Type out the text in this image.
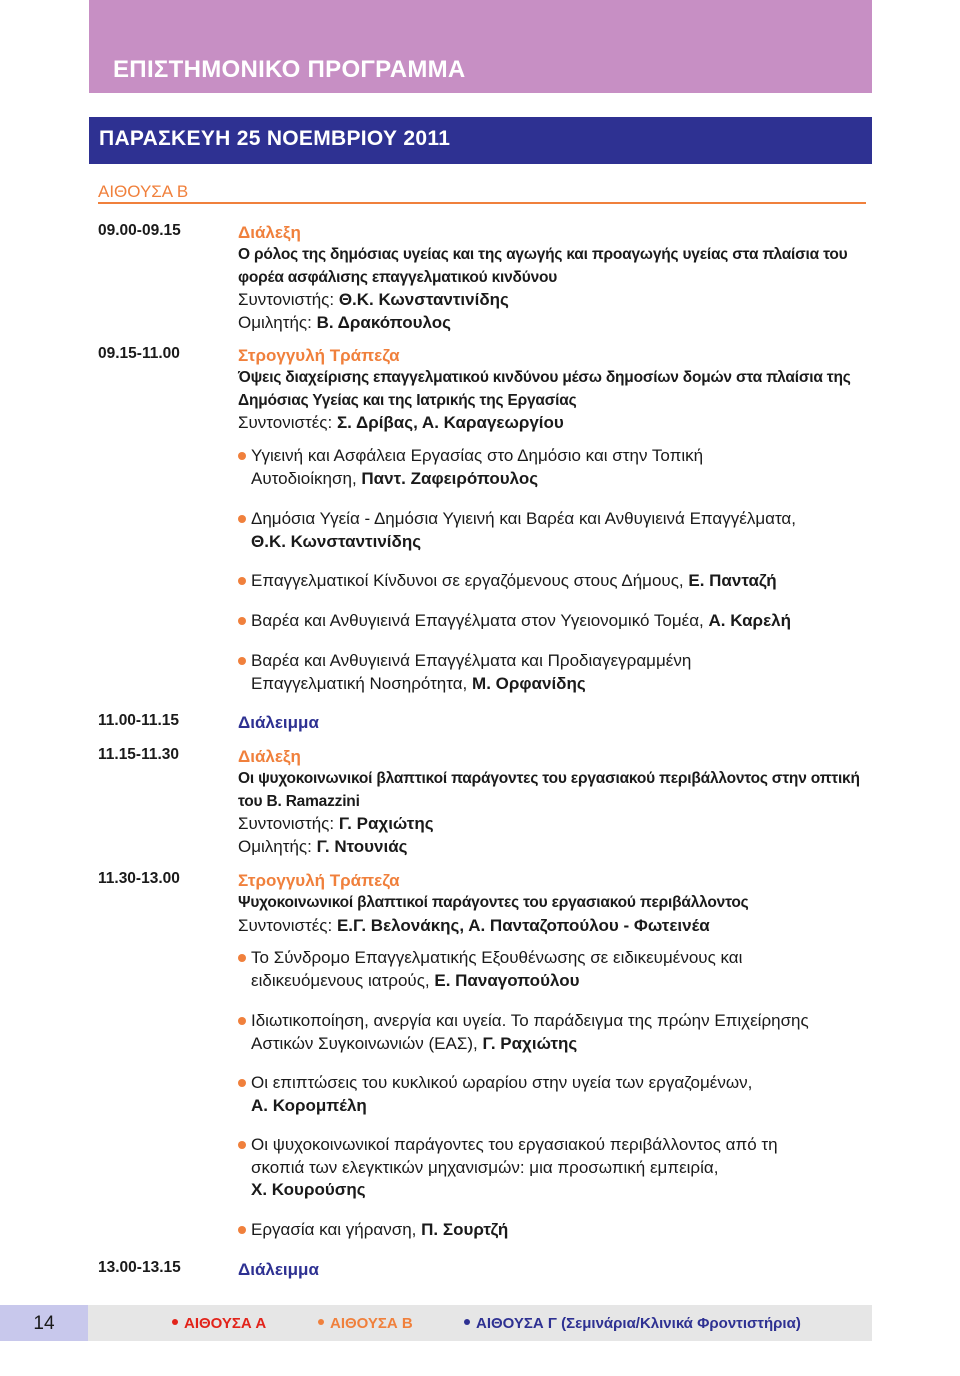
ΕΠΙΣΤΗΜΟΝΙΚΟ ΠΡΟΓΡΑΜΜΑ
ΠΑΡΑΣΚΕΥΗ 25 ΝΟΕΜΒΡΙΟΥ 2011
ΑΙΘΟΥΣΑ Β
09.00-09.15	Διάλεξη
Ο ρόλος της δημόσιας υγείας και της αγωγής και προαγωγής υγείας στα πλαίσια του
φορέα ασφάλισης επαγγελματικού κινδύνου
Συντονιστής: Θ.Κ. Κωνσταντινίδης
Ομιλητής: Β. Δρακόπουλος
09.15-11.00	Στρογγυλή Τράπεζα
Όψεις διαχείρισης επαγγελματικού κινδύνου μέσω δημοσίων δομών στα πλαίσια της
Δημόσιας Υγείας και της Ιατρικής της Εργασίας
Συντονιστές: Σ. Δρίβας, Α. Καραγεωργίου
Υγιεινή και Ασφάλεια Εργασίας στο Δημόσιο και στην Τοπική
Αυτοδιοίκηση, Παντ. Ζαφειρόπουλος
Δημόσια Υγεία - Δημόσια Υγιεινή και Βαρέα και Ανθυγιεινά Επαγγέλματα,
Θ.Κ. Κωνσταντινίδης
Επαγγελματικοί Κίνδυνοι σε εργαζόμενους στους Δήμους, Ε. Πανταζή
Βαρέα και Ανθυγιεινά Επαγγέλματα στον Υγειονομικό Τομέα, Α. Καρελή
Βαρέα και Ανθυγιεινά Επαγγέλματα και Προδιαγεγραμμένη
Επαγγελματική Νοσηρότητα, Μ. Ορφανίδης
11.00-11.15	Διάλειμμα
11.15-11.30	Διάλεξη
Οι ψυχοκοινωνικοί βλαπτικοί παράγοντες του εργασιακού περιβάλλοντος στην οπτική
του Β. Ramazzini
Συντονιστής: Γ. Ραχιώτης
Ομιλητής: Γ. Ντουνιάς
11.30-13.00	Στρογγυλή Τράπεζα
Ψυχοκοινωνικοί βλαπτικοί παράγοντες του εργασιακού περιβάλλοντος
Συντονιστές: Ε.Γ. Βελονάκης, Α. Πανταζοπούλου - Φωτεινέα
Το Σύνδρομο Επαγγελματικής Εξουθένωσης σε ειδικευμένους και
ειδικευόμενους ιατρούς, Ε. Παναγοπούλου
Ιδιωτικοποίηση, ανεργία και υγεία. Το παράδειγμα της πρώην Επιχείρησης
Αστικών Συγκοινωνιών (ΕΑΣ), Γ. Ραχιώτης
Οι επιπτώσεις του κυκλικού ωραρίου στην υγεία των εργαζομένων,
Α. Κορομπέλη
Οι ψυχοκοινωνικοί παράγοντες του εργασιακού περιβάλλοντος από τη
σκοπιά των ελεγκτικών μηχανισμών: μια προσωπική εμπειρία,
Χ. Κουρούσης
Εργασία και γήρανση, Π. Σουρτζή
13.00-13.15	Διάλειμμα
14	ΑΙΘΟΥΣΑ Α	ΑΙΘΟΥΣΑ Β	ΑΙΘΟΥΣΑ Γ (Σεμινάρια/Κλινικά Φροντιστήρια)
